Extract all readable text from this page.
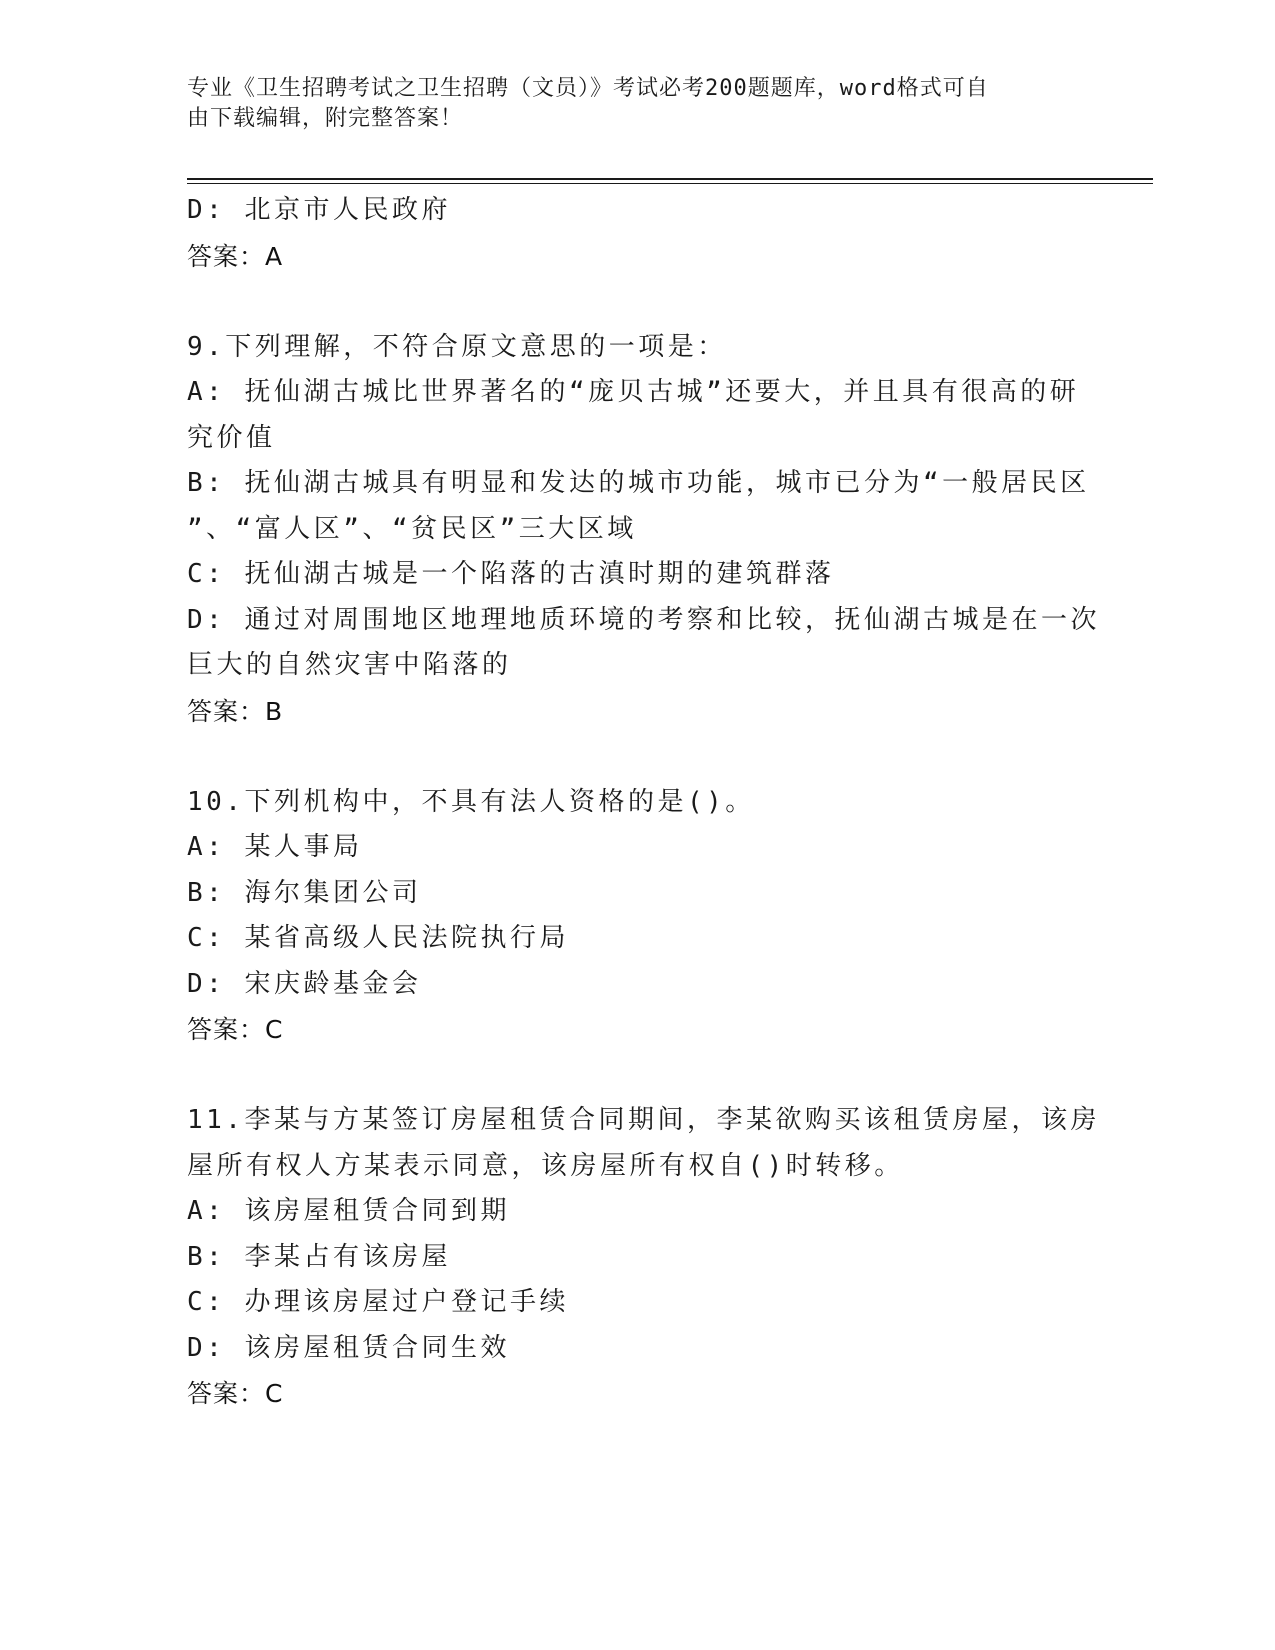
专业《卫生招聘考试之卫生招聘（文员）》考试必考200题题库，word格式可自
由下载编辑，附完整答案！
D: 北京市人民政府
答案：A
9.下列理解，不符合原文意思的一项是：
A: 抚仙湖古城比世界著名的“庞贝古城”还要大，并且具有很高的研
究价值
B: 抚仙湖古城具有明显和发达的城市功能，城市已分为“一般居民区
”、“富人区”、“贫民区”三大区域
C: 抚仙湖古城是一个陷落的古滇时期的建筑群落
D: 通过对周围地区地理地质环境的考察和比较，抚仙湖古城是在一次
巨大的自然灾害中陷落的
答案：B
10.下列机构中，不具有法人资格的是()。
A: 某人事局
B: 海尔集团公司
C: 某省高级人民法院执行局
D: 宋庆龄基金会
答案：C
11.李某与方某签订房屋租赁合同期间，李某欲购买该租赁房屋，该房
屋所有权人方某表示同意，该房屋所有权自()时转移。
A: 该房屋租赁合同到期
B: 李某占有该房屋
C: 办理该房屋过户登记手续
D: 该房屋租赁合同生效
答案：C
